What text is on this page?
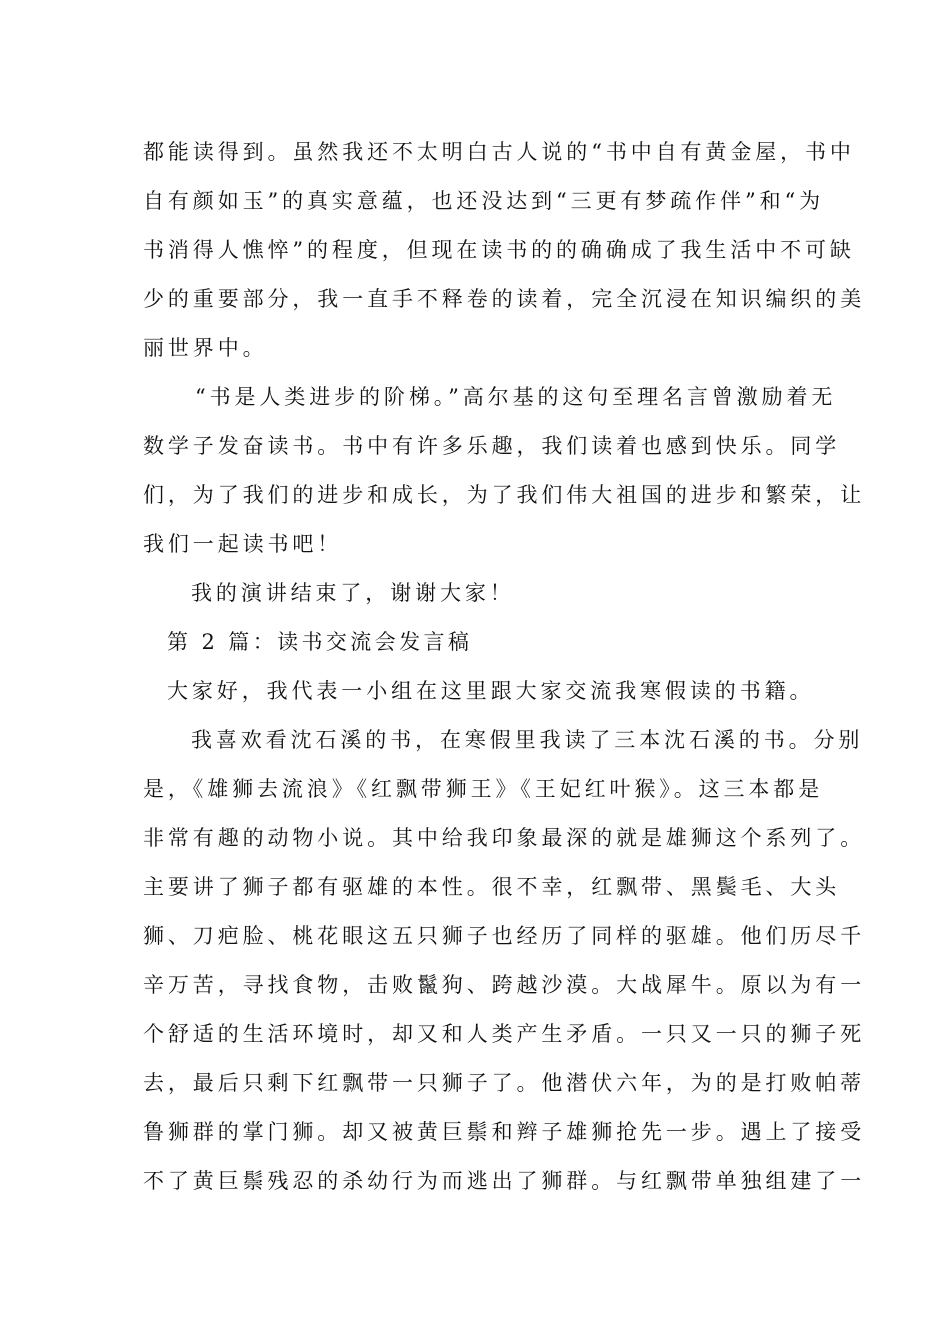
都能读得到。虽然我还不太明白古人说的“书中自有黄金屋，书中
自有颜如玉”的真实意蕴，也还没达到“三更有梦疏作伴”和“为
书消得人憔悴”的程度，但现在读书的的确确成了我生活中不可缺
少的重要部分，我一直手不释卷的读着，完全沉浸在知识编织的美
丽世界中。
“书是人类进步的阶梯。”高尔基的这句至理名言曾激励着无
数学子发奋读书。书中有许多乐趣，我们读着也感到快乐。同学
们，为了我们的进步和成长，为了我们伟大祖国的进步和繁荣，让
我们一起读书吧！
我的演讲结束了，谢谢大家！
第 2 篇：读书交流会发言稿
大家好，我代表一小组在这里跟大家交流我寒假读的书籍。
我喜欢看沈石溪的书，在寒假里我读了三本沈石溪的书。分别
是，《雄狮去流浪》《红飘带狮王》《王妃红叶猴》。这三本都是
非常有趣的动物小说。其中给我印象最深的就是雄狮这个系列了。
主要讲了狮子都有驱雄的本性。很不幸，红飘带、黑鬓毛、大头
狮、刀疤脸、桃花眼这五只狮子也经历了同样的驱雄。他们历尽千
辛万苦，寻找食物，击败鬣狗、跨越沙漠。大战犀牛。原以为有一
个舒适的生活环境时，却又和人类产生矛盾。一只又一只的狮子死
去，最后只剩下红飘带一只狮子了。他潜伏六年，为的是打败帕蒂
鲁狮群的掌门狮。却又被黄巨鬃和辫子雄狮抢先一步。遇上了接受
不了黄巨鬃残忍的杀幼行为而逃出了狮群。与红飘带单独组建了一
